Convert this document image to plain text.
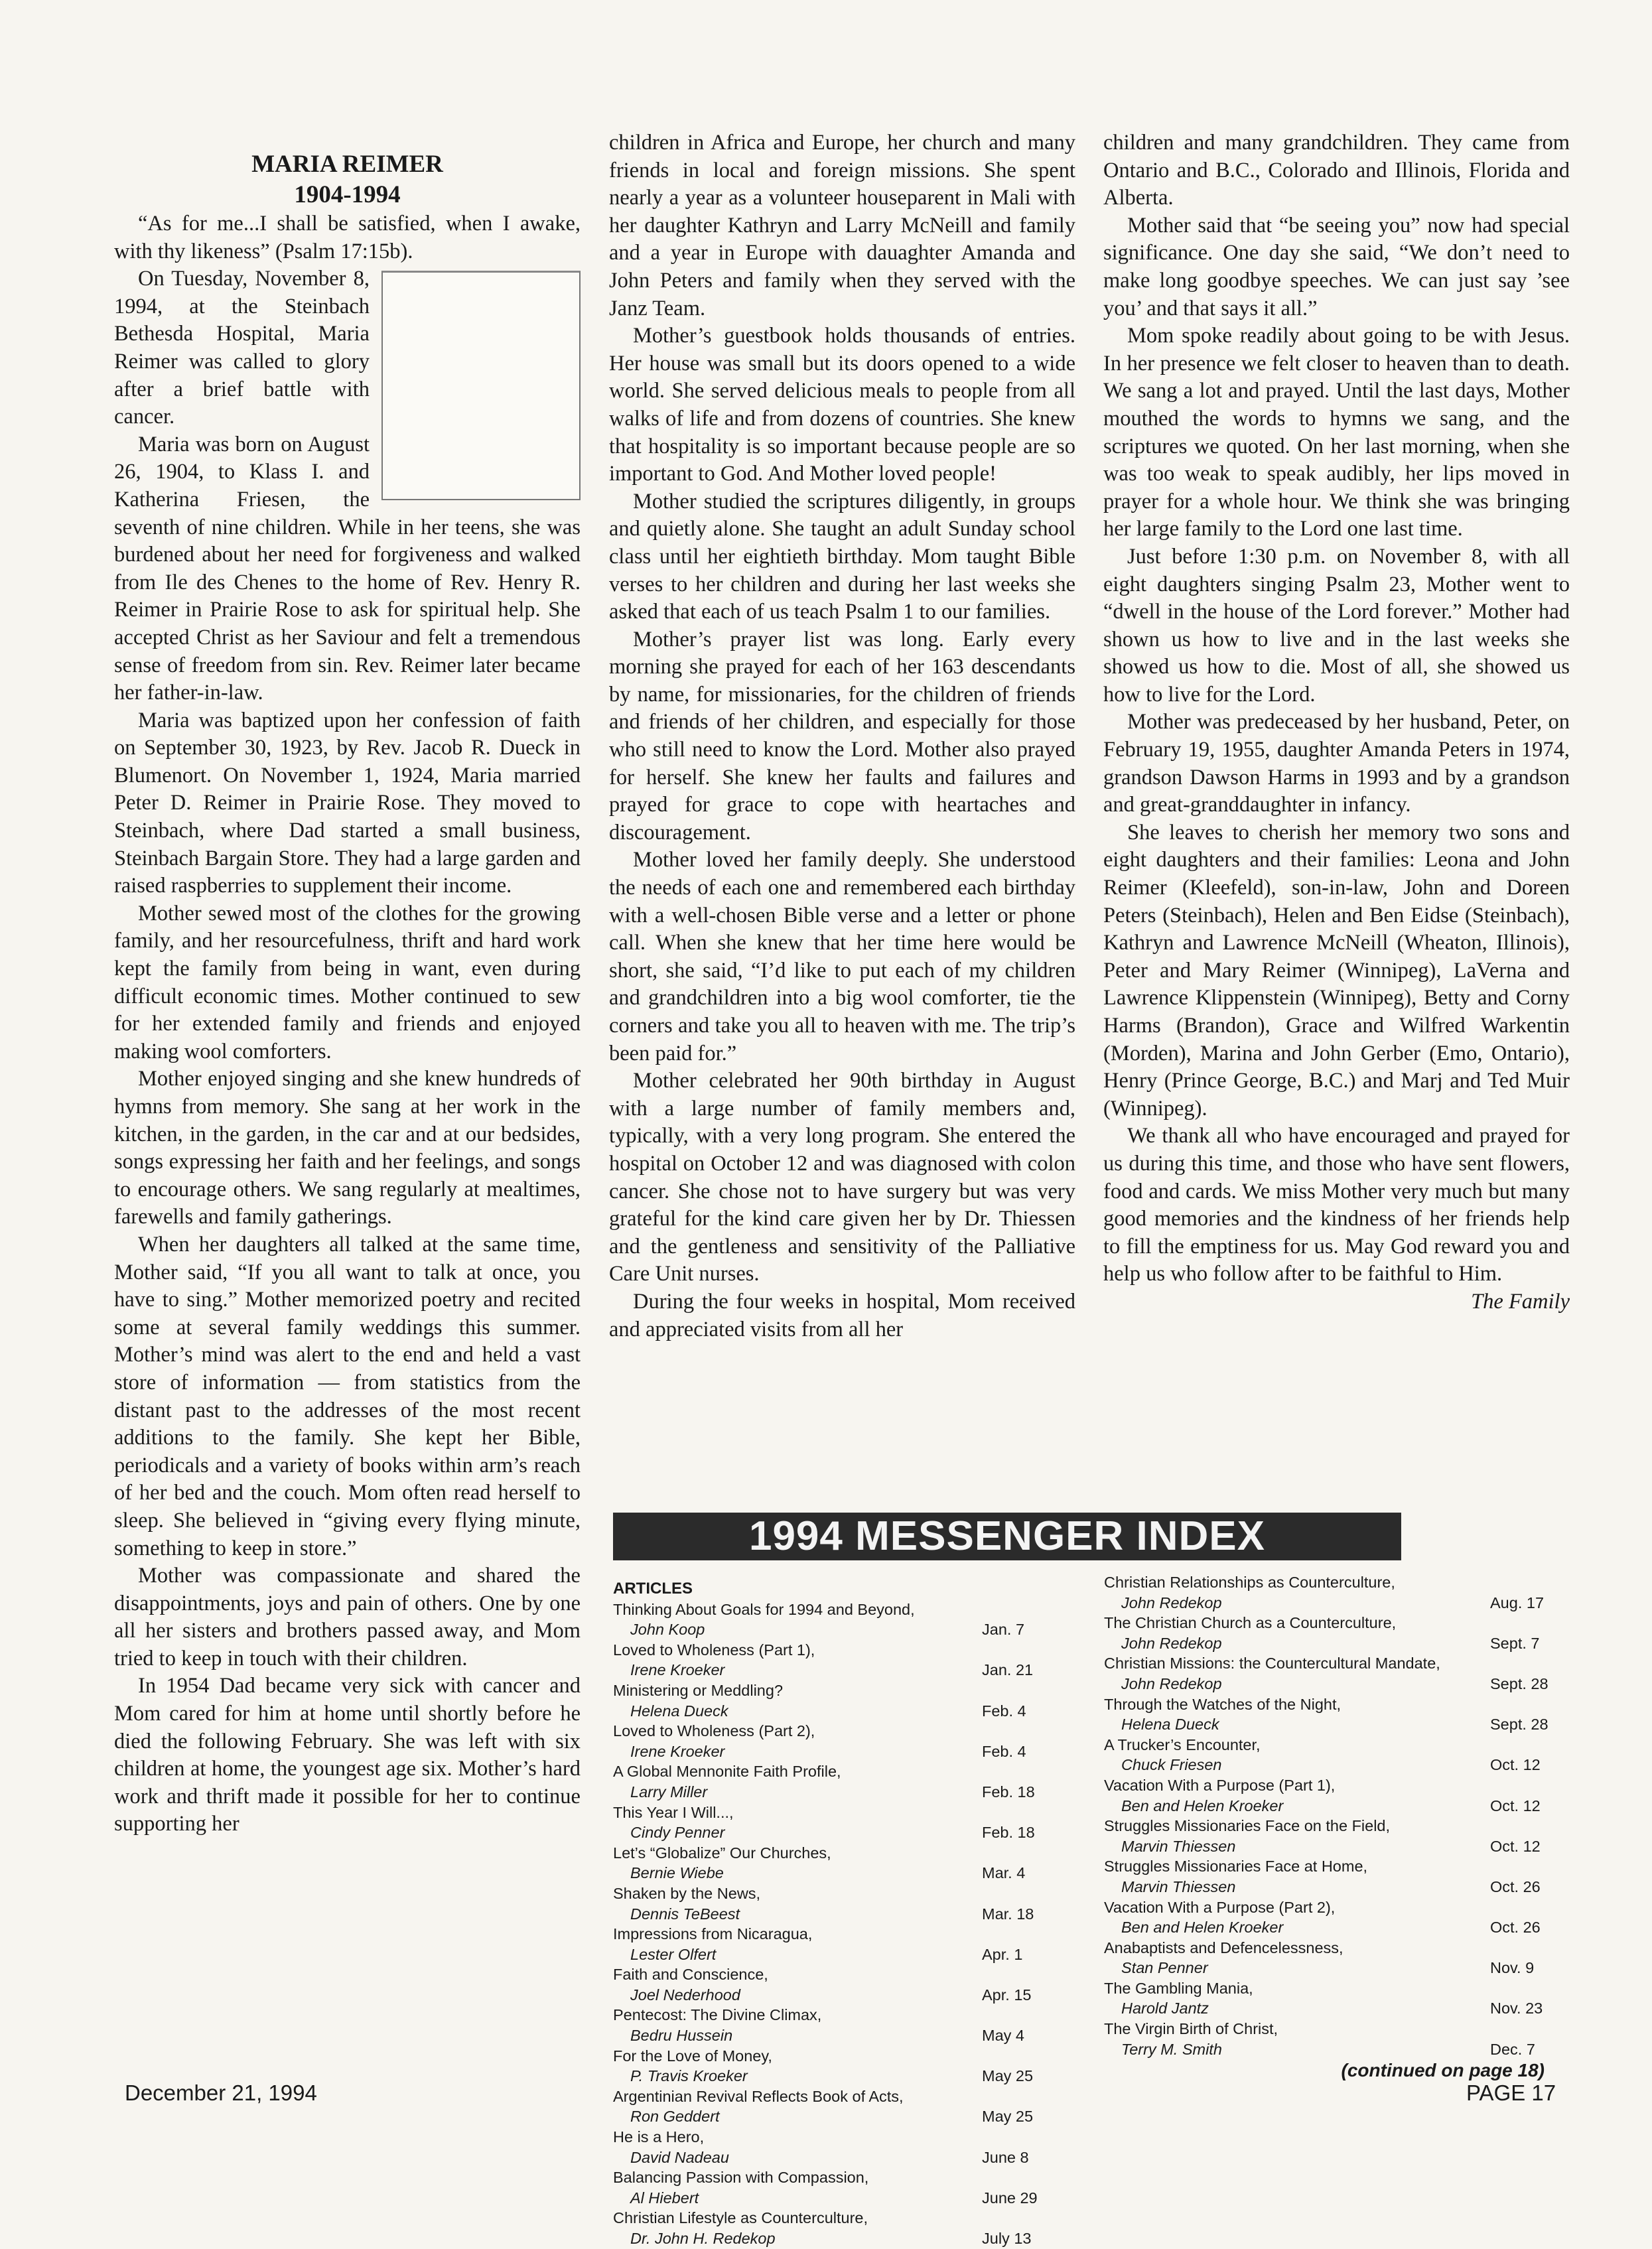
MARIA REIMER

1904-1994

“As for me...I shall be satisfied, when I awake, with thy likeness” (Psalm 17:15b).

On Tuesday, November 8, 1994, at the Steinbach Bethesda Hospital, Maria Reimer was called to glory after a brief battle with cancer.

Maria was born on August 26, 1904, to Klass I. and Katherina Friesen, the seventh of nine children. While in her teens, she was burdened about her need for forgiveness and walked from Ile des Chenes to the home of Rev. Henry R. Reimer in Prairie Rose to ask for spiritual help. She accepted Christ as her Saviour and felt a tremendous sense of freedom from sin. Rev. Reimer later became her father-in-law.

Maria was baptized upon her confession of faith on September 30, 1923, by Rev. Jacob R. Dueck in Blumenort. On November 1, 1924, Maria married Peter D. Reimer in Prairie Rose. They moved to Steinbach, where Dad started a small business, Steinbach Bargain Store. They had a large garden and raised raspberries to supplement their income.

Mother sewed most of the clothes for the growing family, and her resourcefulness, thrift and hard work kept the family from being in want, even during difficult economic times. Mother continued to sew for her extended family and friends and enjoyed making wool comforters.

Mother enjoyed singing and she knew hundreds of hymns from memory. She sang at her work in the kitchen, in the garden, in the car and at our bedsides, songs expressing her faith and her feelings, and songs to encourage others. We sang regularly at mealtimes, farewells and family gatherings.

When her daughters all talked at the same time, Mother said, “If you all want to talk at once, you have to sing.” Mother memorized poetry and recited some at several family weddings this summer. Mother’s mind was alert to the end and held a vast store of information — from statistics from the distant past to the addresses of the most recent additions to the family. She kept her Bible, periodicals and a variety of books within arm’s reach of her bed and the couch. Mom often read herself to sleep. She believed in “giving every flying minute, something to keep in store.”

Mother was compassionate and shared the disappointments, joys and pain of others. One by one all her sisters and brothers passed away, and Mom tried to keep in touch with their children.

In 1954 Dad became very sick with cancer and Mom cared for him at home until shortly before he died the following February. She was left with six children at home, the youngest age six. Mother’s hard work and thrift made it possible for her to continue supporting her

children in Africa and Europe, her church and many friends in local and foreign missions. She spent nearly a year as a volunteer houseparent in Mali with her daughter Kathryn and Larry McNeill and family and a year in Europe with dauaghter Amanda and John Peters and family when they served with the Janz Team.

Mother’s guestbook holds thousands of entries. Her house was small but its doors opened to a wide world. She served delicious meals to people from all walks of life and from dozens of countries. She knew that hospitality is so important because people are so important to God. And Mother loved people!

Mother studied the scriptures diligently, in groups and quietly alone. She taught an adult Sunday school class until her eightieth birthday. Mom taught Bible verses to her children and during her last weeks she asked that each of us teach Psalm 1 to our families.

Mother’s prayer list was long. Early every morning she prayed for each of her 163 descendants by name, for missionaries, for the children of friends and friends of her children, and especially for those who still need to know the Lord. Mother also prayed for herself. She knew her faults and failures and prayed for grace to cope with heartaches and discouragement.

Mother loved her family deeply. She understood the needs of each one and remembered each birthday with a well-chosen Bible verse and a letter or phone call. When she knew that her time here would be short, she said, “I’d like to put each of my children and grandchildren into a big wool comforter, tie the corners and take you all to heaven with me. The trip’s been paid for.”

Mother celebrated her 90th birthday in August with a large number of family members and, typically, with a very long program. She entered the hospital on October 12 and was diagnosed with colon cancer. She chose not to have surgery but was very grateful for the kind care given her by Dr. Thiessen and the gentleness and sensitivity of the Palliative Care Unit nurses.

During the four weeks in hospital, Mom received and appreciated visits from all her

children and many grandchildren. They came from Ontario and B.C., Colorado and Illinois, Florida and Alberta.

Mother said that “be seeing you” now had special significance. One day she said, “We don’t need to make long goodbye speeches. We can just say ’see you’ and that says it all.”

Mom spoke readily about going to be with Jesus. In her presence we felt closer to heaven than to death. We sang a lot and prayed. Until the last days, Mother mouthed the words to hymns we sang, and the scriptures we quoted. On her last morning, when she was too weak to speak audibly, her lips moved in prayer for a whole hour. We think she was bringing her large family to the Lord one last time.

Just before 1:30 p.m. on November 8, with all eight daughters singing Psalm 23, Mother went to “dwell in the house of the Lord forever.” Mother had shown us how to live and in the last weeks she showed us how to die. Most of all, she showed us how to live for the Lord.

Mother was predeceased by her husband, Peter, on February 19, 1955, daughter Amanda Peters in 1974, grandson Dawson Harms in 1993 and by a grandson and great-granddaughter in infancy.

She leaves to cherish her memory two sons and eight daughters and their families: Leona and John Reimer (Kleefeld), son-in-law, John and Doreen Peters (Steinbach), Helen and Ben Eidse (Steinbach), Kathryn and Lawrence McNeill (Wheaton, Illinois), Peter and Mary Reimer (Winnipeg), LaVerna and Lawrence Klippenstein (Winnipeg), Betty and Corny Harms (Brandon), Grace and Wilfred Warkentin (Morden), Marina and John Gerber (Emo, Ontario), Henry (Prince George, B.C.) and Marj and Ted Muir (Winnipeg).

We thank all who have encouraged and prayed for us during this time, and those who have sent flowers, food and cards. We miss Mother very much but many good memories and the kindness of her friends help to fill the emptiness for us. May God reward you and help us who follow after to be faithful to Him.

The Family

1994 MESSENGER INDEX
ARTICLES
Thinking About Goals for 1994 and Beyond,
John Koop	Jan. 7
Loved to Wholeness (Part 1),
Irene Kroeker	Jan. 21
Ministering or Meddling?
Helena Dueck	Feb. 4
Loved to Wholeness (Part 2),
Irene Kroeker	Feb. 4
A Global Mennonite Faith Profile,
Larry Miller	Feb. 18
This Year I Will...,
Cindy Penner	Feb. 18
Let’s “Globalize” Our Churches,
Bernie Wiebe	Mar. 4
Shaken by the News,
Dennis TeBeest	Mar. 18
Impressions from Nicaragua,
Lester Olfert	Apr. 1
Faith and Conscience,
Joel Nederhood	Apr. 15
Pentecost: The Divine Climax,
Bedru Hussein	May 4
For the Love of Money,
P. Travis Kroeker	May 25
Argentinian Revival Reflects Book of Acts,
Ron Geddert	May 25
He is a Hero,
David Nadeau	June 8
Balancing Passion with Compassion,
Al Hiebert	June 29
Christian Lifestyle as Counterculture,
Dr. John H. Redekop	July 13
Christian Relationships as Counterculture,
John Redekop	Aug. 17
The Christian Church as a Counterculture,
John Redekop	Sept. 7
Christian Missions: the Countercultural Mandate,
John Redekop	Sept. 28
Through the Watches of the Night,
Helena Dueck	Sept. 28
A Trucker’s Encounter,
Chuck Friesen	Oct. 12
Vacation With a Purpose (Part 1),
Ben and Helen Kroeker	Oct. 12
Struggles Missionaries Face on the Field,
Marvin Thiessen	Oct. 12
Struggles Missionaries Face at Home,
Marvin Thiessen	Oct. 26
Vacation With a Purpose (Part 2),
Ben and Helen Kroeker	Oct. 26
Anabaptists and Defencelessness,
Stan Penner	Nov. 9
The Gambling Mania,
Harold Jantz	Nov. 23
The Virgin Birth of Christ,
Terry M. Smith	Dec. 7
(continued on page 18)
December 21, 1994	PAGE 17
